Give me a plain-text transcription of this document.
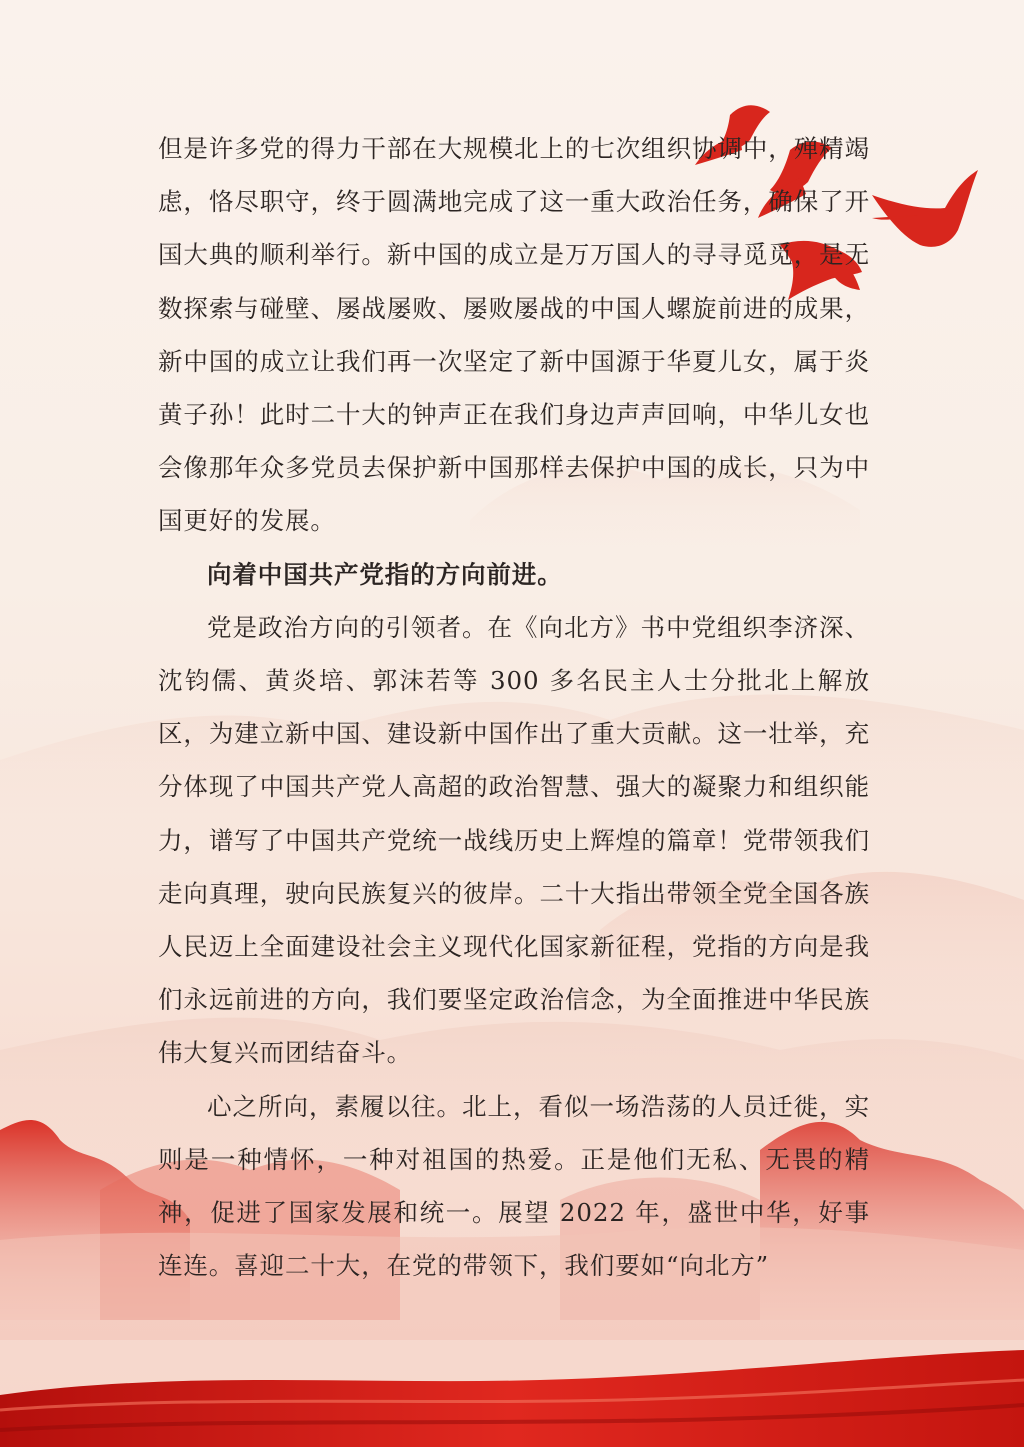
但是许多党的得力干部在大规模北上的七次组织协调中，殚精竭虑，恪尽职守，终于圆满地完成了这一重大政治任务，确保了开国大典的顺利举行。新中国的成立是万万国人的寻寻觅觅，是无数探索与碰壁、屡战屡败、屡败屡战的中国人螺旋前进的成果，新中国的成立让我们再一次坚定了新中国源于华夏儿女，属于炎黄子孙！此时二十大的钟声正在我们身边声声回响，中华儿女也会像那年众多党员去保护新中国那样去保护中国的成长，只为中国更好的发展。

向着中国共产党指的方向前进。

党是政治方向的引领者。在《向北方》书中党组织李济深、沈钧儒、黄炎培、郭沫若等 300 多名民主人士分批北上解放区，为建立新中国、建设新中国作出了重大贡献。这一壮举，充分体现了中国共产党人高超的政治智慧、强大的凝聚力和组织能力，谱写了中国共产党统一战线历史上辉煌的篇章！党带领我们走向真理，驶向民族复兴的彼岸。二十大指出带领全党全国各族人民迈上全面建设社会主义现代化国家新征程，党指的方向是我们永远前进的方向，我们要坚定政治信念，为全面推进中华民族伟大复兴而团结奋斗。

心之所向，素履以往。北上，看似一场浩荡的人员迁徙，实则是一种情怀，一种对祖国的热爱。正是他们无私、无畏的精神，促进了国家发展和统一。展望 2022 年，盛世中华，好事连连。喜迎二十大，在党的带领下，我们要如“向北方”
